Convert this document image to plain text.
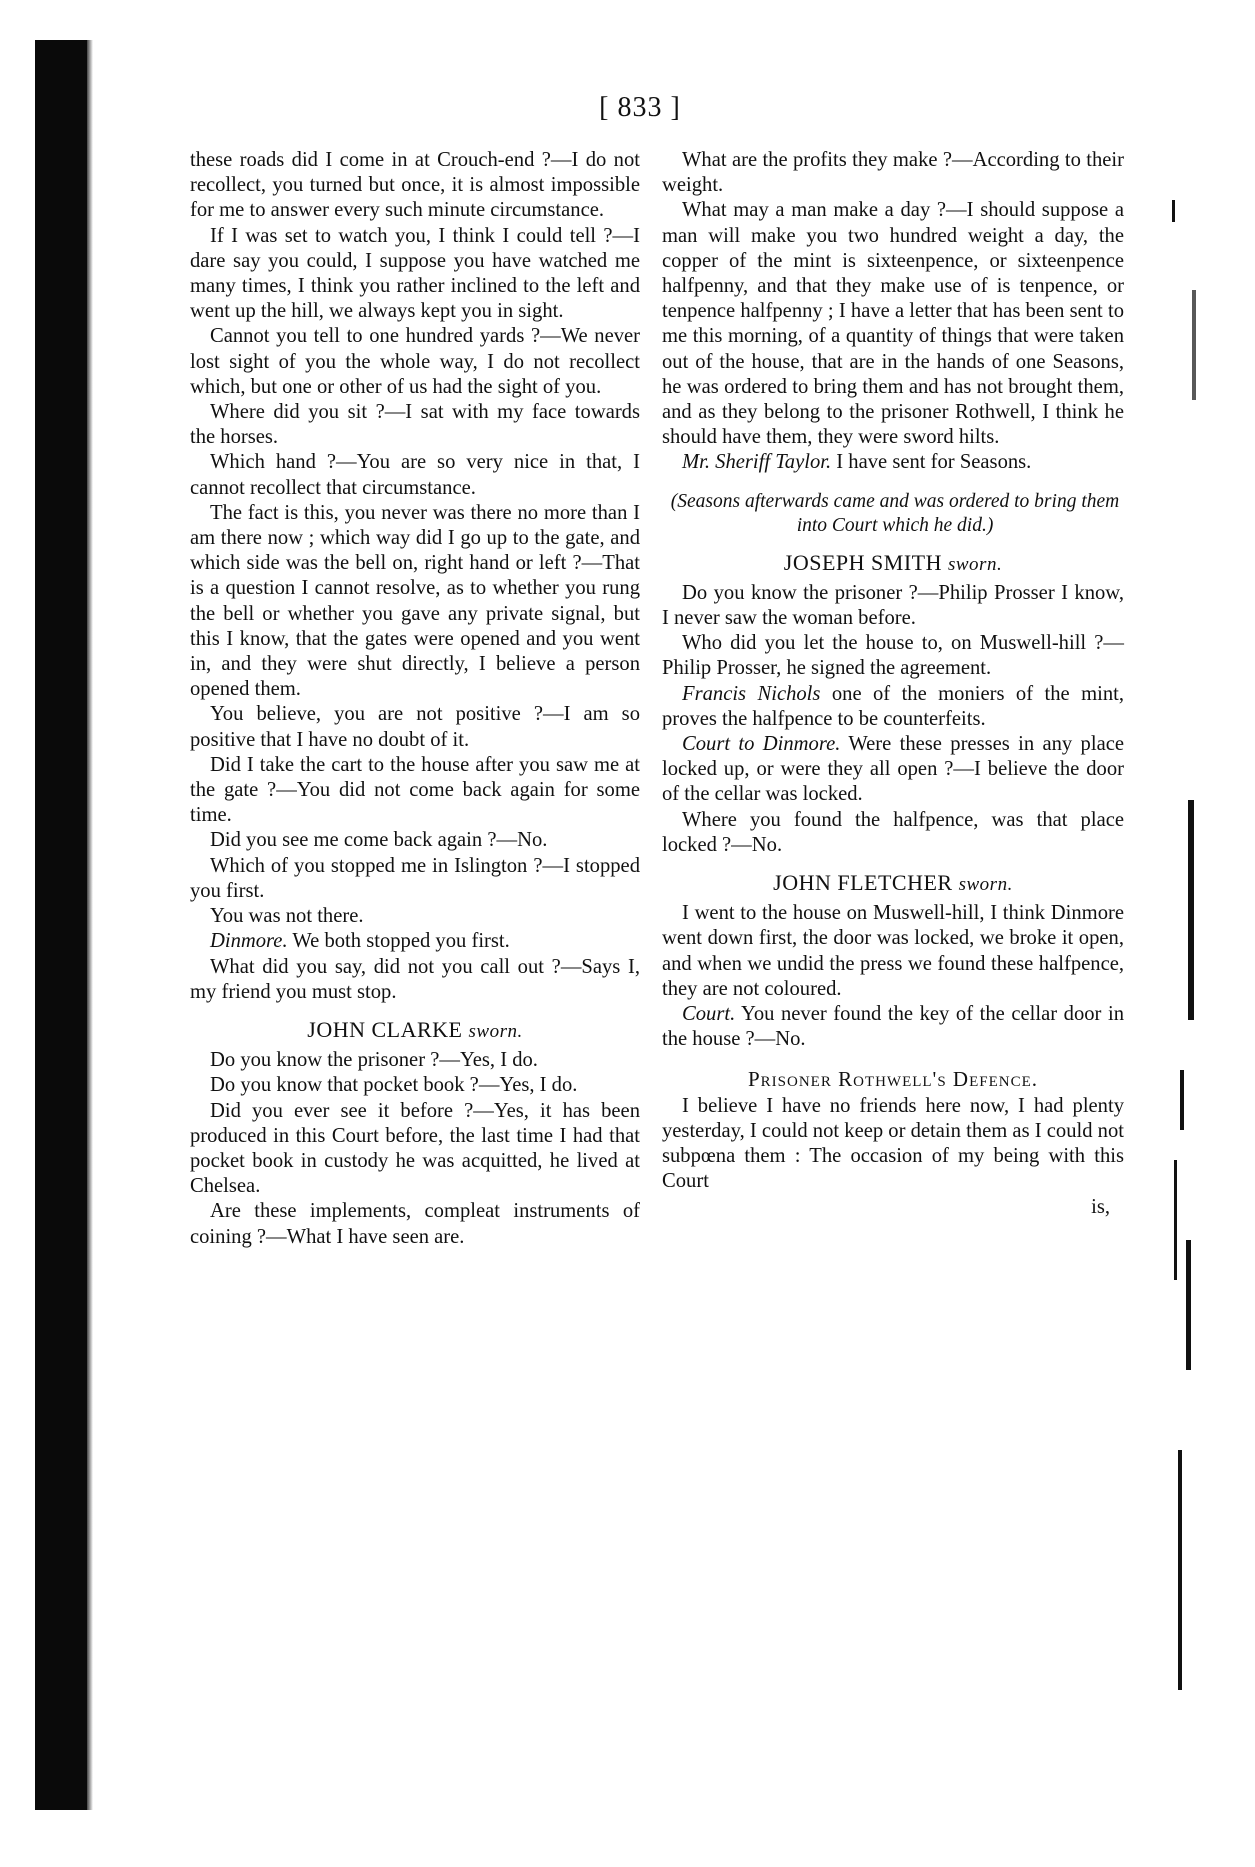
[ 833 ]

these roads did I come in at Crouch-end ?—I do not recollect, you turned but once, it is almost impossible for me to answer every such minute circumstance.

If I was set to watch you, I think I could tell ?—I dare say you could, I suppose you have watched me many times, I think you rather inclined to the left and went up the hill, we always kept you in sight.

Cannot you tell to one hundred yards ?—We never lost sight of you the whole way, I do not recollect which, but one or other of us had the sight of you.

Where did you sit ?—I sat with my face towards the horses.

Which hand ?—You are so very nice in that, I cannot recollect that circumstance.

The fact is this, you never was there no more than I am there now ; which way did I go up to the gate, and which side was the bell on, right hand or left ?—That is a question I cannot resolve, as to whether you rung the bell or whether you gave any private signal, but this I know, that the gates were opened and you went in, and they were shut directly, I believe a person opened them.

You believe, you are not positive ?—I am so positive that I have no doubt of it.

Did I take the cart to the house after you saw me at the gate ?—You did not come back again for some time.

Did you see me come back again ?—No.

Which of you stopped me in Islington ?—I stopped you first.

You was not there.

Dinmore. We both stopped you first.

What did you say, did not you call out ?—Says I, my friend you must stop.

JOHN CLARKE sworn.

Do you know the prisoner ?—Yes, I do.

Do you know that pocket book ?—Yes, I do.

Did you ever see it before ?—Yes, it has been produced in this Court before, the last time I had that pocket book in custody he was acquitted, he lived at Chelsea.

Are these implements, compleat instruments of coining ?—What I have seen are.

What are the profits they make ?—According to their weight.

What may a man make a day ?—I should suppose a man will make you two hundred weight a day, the copper of the mint is sixteenpence, or sixteenpence halfpenny, and that they make use of is tenpence, or tenpence halfpenny ; I have a letter that has been sent to me this morning, of a quantity of things that were taken out of the house, that are in the hands of one Seasons, he was ordered to bring them and has not brought them, and as they belong to the prisoner Rothwell, I think he should have them, they were sword hilts.

Mr. Sheriff Taylor. I have sent for Seasons.

(Seasons afterwards came and was ordered to bring them into Court which he did.)

JOSEPH SMITH sworn.

Do you know the prisoner ?—Philip Prosser I know, I never saw the woman before.

Who did you let the house to, on Muswell-hill ?—Philip Prosser, he signed the agreement.

Francis Nichols one of the moniers of the mint, proves the halfpence to be counterfeits.

Court to Dinmore. Were these presses in any place locked up, or were they all open ?—I believe the door of the cellar was locked.

Where you found the halfpence, was that place locked ?—No.

JOHN FLETCHER sworn.

I went to the house on Muswell-hill, I think Dinmore went down first, the door was locked, we broke it open, and when we undid the press we found these halfpence, they are not coloured.

Court. You never found the key of the cellar door in the house ?—No.

Prisoner Rothwell's Defence.

I believe I have no friends here now, I had plenty yesterday, I could not keep or detain them as I could not subpœna them : The occasion of my being with this Court

is,
